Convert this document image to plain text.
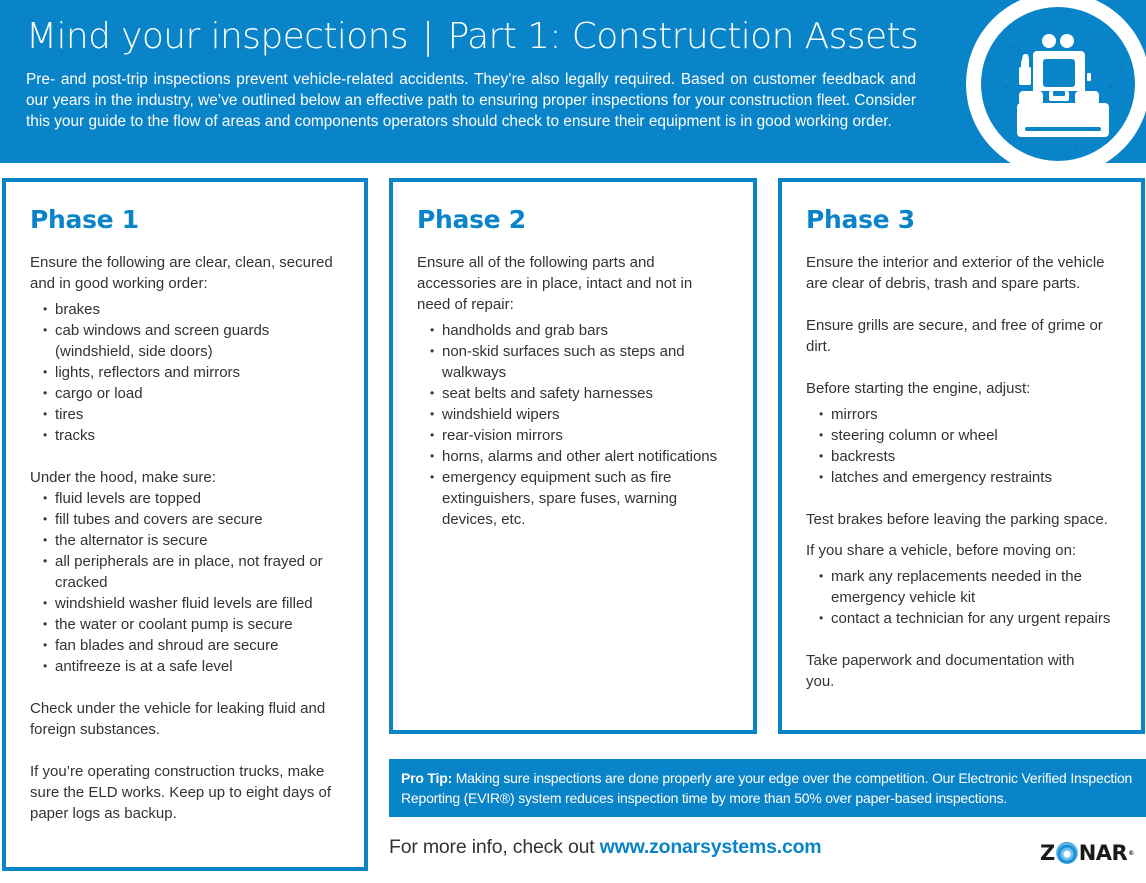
Mind your inspections | Part 1: Construction Assets

Pre- and post-trip inspections prevent vehicle-related accidents. They’re also legally required. Based on customer feedback and our years in the industry, we’ve outlined below an effective path to ensuring proper inspections for your construction fleet. Consider this your guide to the flow of areas and components operators should check to ensure their equipment is in good working order.

Phase 1

Ensure the following are clear, clean, secured and in good working order:

• brakes
• cab windows and screen guards (windshield, side doors)
• lights, reflectors and mirrors
• cargo or load
• tires
• tracks

Under the hood, make sure:

• fluid levels are topped
• fill tubes and covers are secure
• the alternator is secure
• all peripherals are in place, not frayed or cracked
• windshield washer fluid levels are filled
• the water or coolant pump is secure
• fan blades and shroud are secure
• antifreeze is at a safe level

Check under the vehicle for leaking fluid and foreign substances.

If you’re operating construction trucks, make sure the ELD works. Keep up to eight days of paper logs as backup.

Phase 2

Ensure all of the following parts and accessories are in place, intact and not in need of repair:

• handholds and grab bars
• non-skid surfaces such as steps and walkways
• seat belts and safety harnesses
• windshield wipers
• rear-vision mirrors
• horns, alarms and other alert notifications
• emergency equipment such as fire extinguishers, spare fuses, warning devices, etc.
Phase 3

Ensure the interior and exterior of the vehicle are clear of debris, trash and spare parts.

Ensure grills are secure, and free of grime or dirt.

Before starting the engine, adjust:

• mirrors
• steering column or wheel
• backrests
• latches and emergency restraints

Test brakes before leaving the parking space.

If you share a vehicle, before moving on:

• mark any replacements needed in the emergency vehicle kit
• contact a technician for any urgent repairs

Take paperwork and documentation with you.

Pro Tip: Making sure inspections are done properly are your edge over the competition. Our Electronic Verified Inspection Reporting (EVIR®) system reduces inspection time by more than 50% over paper-based inspections.
For more info, check out www.zonarsystems.com	Z NAR ®
